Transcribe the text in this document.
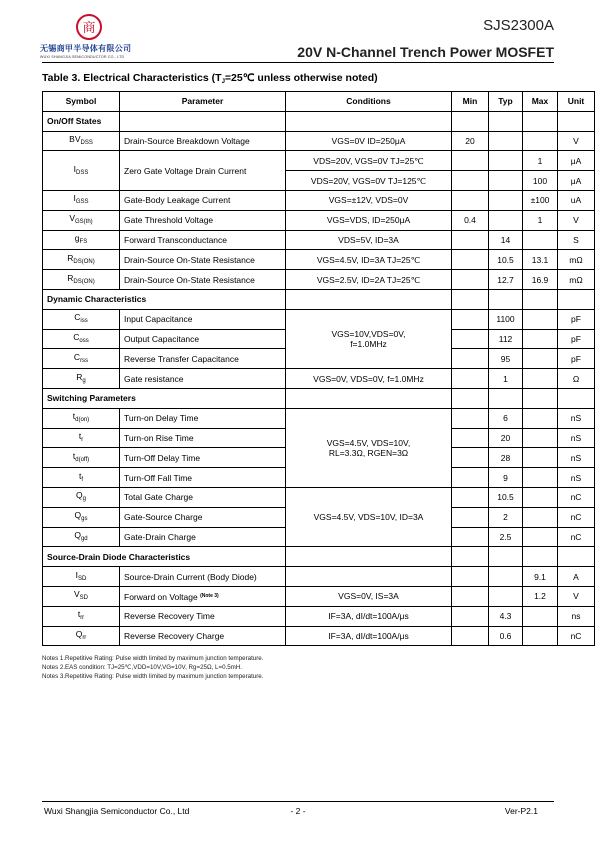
商
无锡商甲半导体有限公司
WUXI SHANGJIA SEMICONDUCTOR CO., LTD
SJS2300A
20V N-Channel Trench Power MOSFET
Table 3. Electrical Characteristics ($T_J=25℃$ unless otherwise noted)
Symbol	Parameter	Conditions	Min	Typ	Max	Unit
On/Off States						
$BV_{DSS}$	Drain-Source Breakdown Voltage	VGS=0V ID=250μA	20			V
$I_{DSS}$	Zero Gate Voltage Drain Current	VDS=20V, VGS=0V TJ=25℃			1	μA
		VDS=20V, VGS=0V TJ=125℃			100	μA
$I_{GSS}$	Gate-Body Leakage Current	VGS=±12V, VDS=0V			±100	uA
$V_{GS(th)}$	Gate Threshold Voltage	VGS=VDS, ID=250μA	0.4		1	V
$g_{FS}$	Forward Transconductance	VDS=5V, ID=3A		14		S
$R_{DS(ON)}$	Drain-Source On-State Resistance	VGS=4.5V, ID=3A TJ=25℃		10.5	13.1	mΩ
$R_{DS(ON)}$	Drain-Source On-State Resistance	VGS=2.5V, ID=2A TJ=25℃		12.7	16.9	mΩ
Dynamic Characteristics						
$C_{iss}$	Input Capacitance	VGS=10V,VDS=0V,
f=1.0MHz		1100		pF
$C_{oss}$	Output Capacitance			112		pF
$C_{rss}$	Reverse Transfer Capacitance			95		pF
$R_g$	Gate resistance	VGS=0V, VDS=0V, f=1.0MHz		1		Ω
Switching Parameters						
$t_{d(on)}$	Turn-on Delay Time	VGS=4.5V, VDS=10V,
RL=3.3Ω, RGEN=3Ω		6		nS
$t_r$	Turn-on Rise Time			20		nS
$t_{d(off)}$	Turn-Off Delay Time			28		nS
$t_f$	Turn-Off Fall Time			9		nS
$Q_g$	Total Gate Charge	VGS=4.5V, VDS=10V, ID=3A		10.5		nC
$Q_{gs}$	Gate-Source Charge			2		nC
$Q_{gd}$	Gate-Drain Charge			2.5		nC
Source-Drain Diode Characteristics						
$I_{SD}$	Source-Drain Current (Body Diode)				9.1	A
$V_{SD}$	Forward on Voltage $^{(Note 3)}$	VGS=0V, IS=3A			1.2	V
$t_{rr}$	Reverse Recovery Time	IF=3A, dI/dt=100A/μs		4.3		ns
$Q_{rr}$	Reverse Recovery Charge	IF=3A, dI/dt=100A/μs		0.6		nC
Notes 1.Repetitive Rating: Pulse width limited by maximum junction temperature.
Notes 2.EAS condition: TJ=25℃,VDD=10V,VG=10V, Rg=25Ω, L=0.5mH.
Notes 3.Repetitive Rating: Pulse width limited by maximum junction temperature.
Wuxi Shangjia Semiconductor Co., Ltd	- 2 -	Ver-P2.1
